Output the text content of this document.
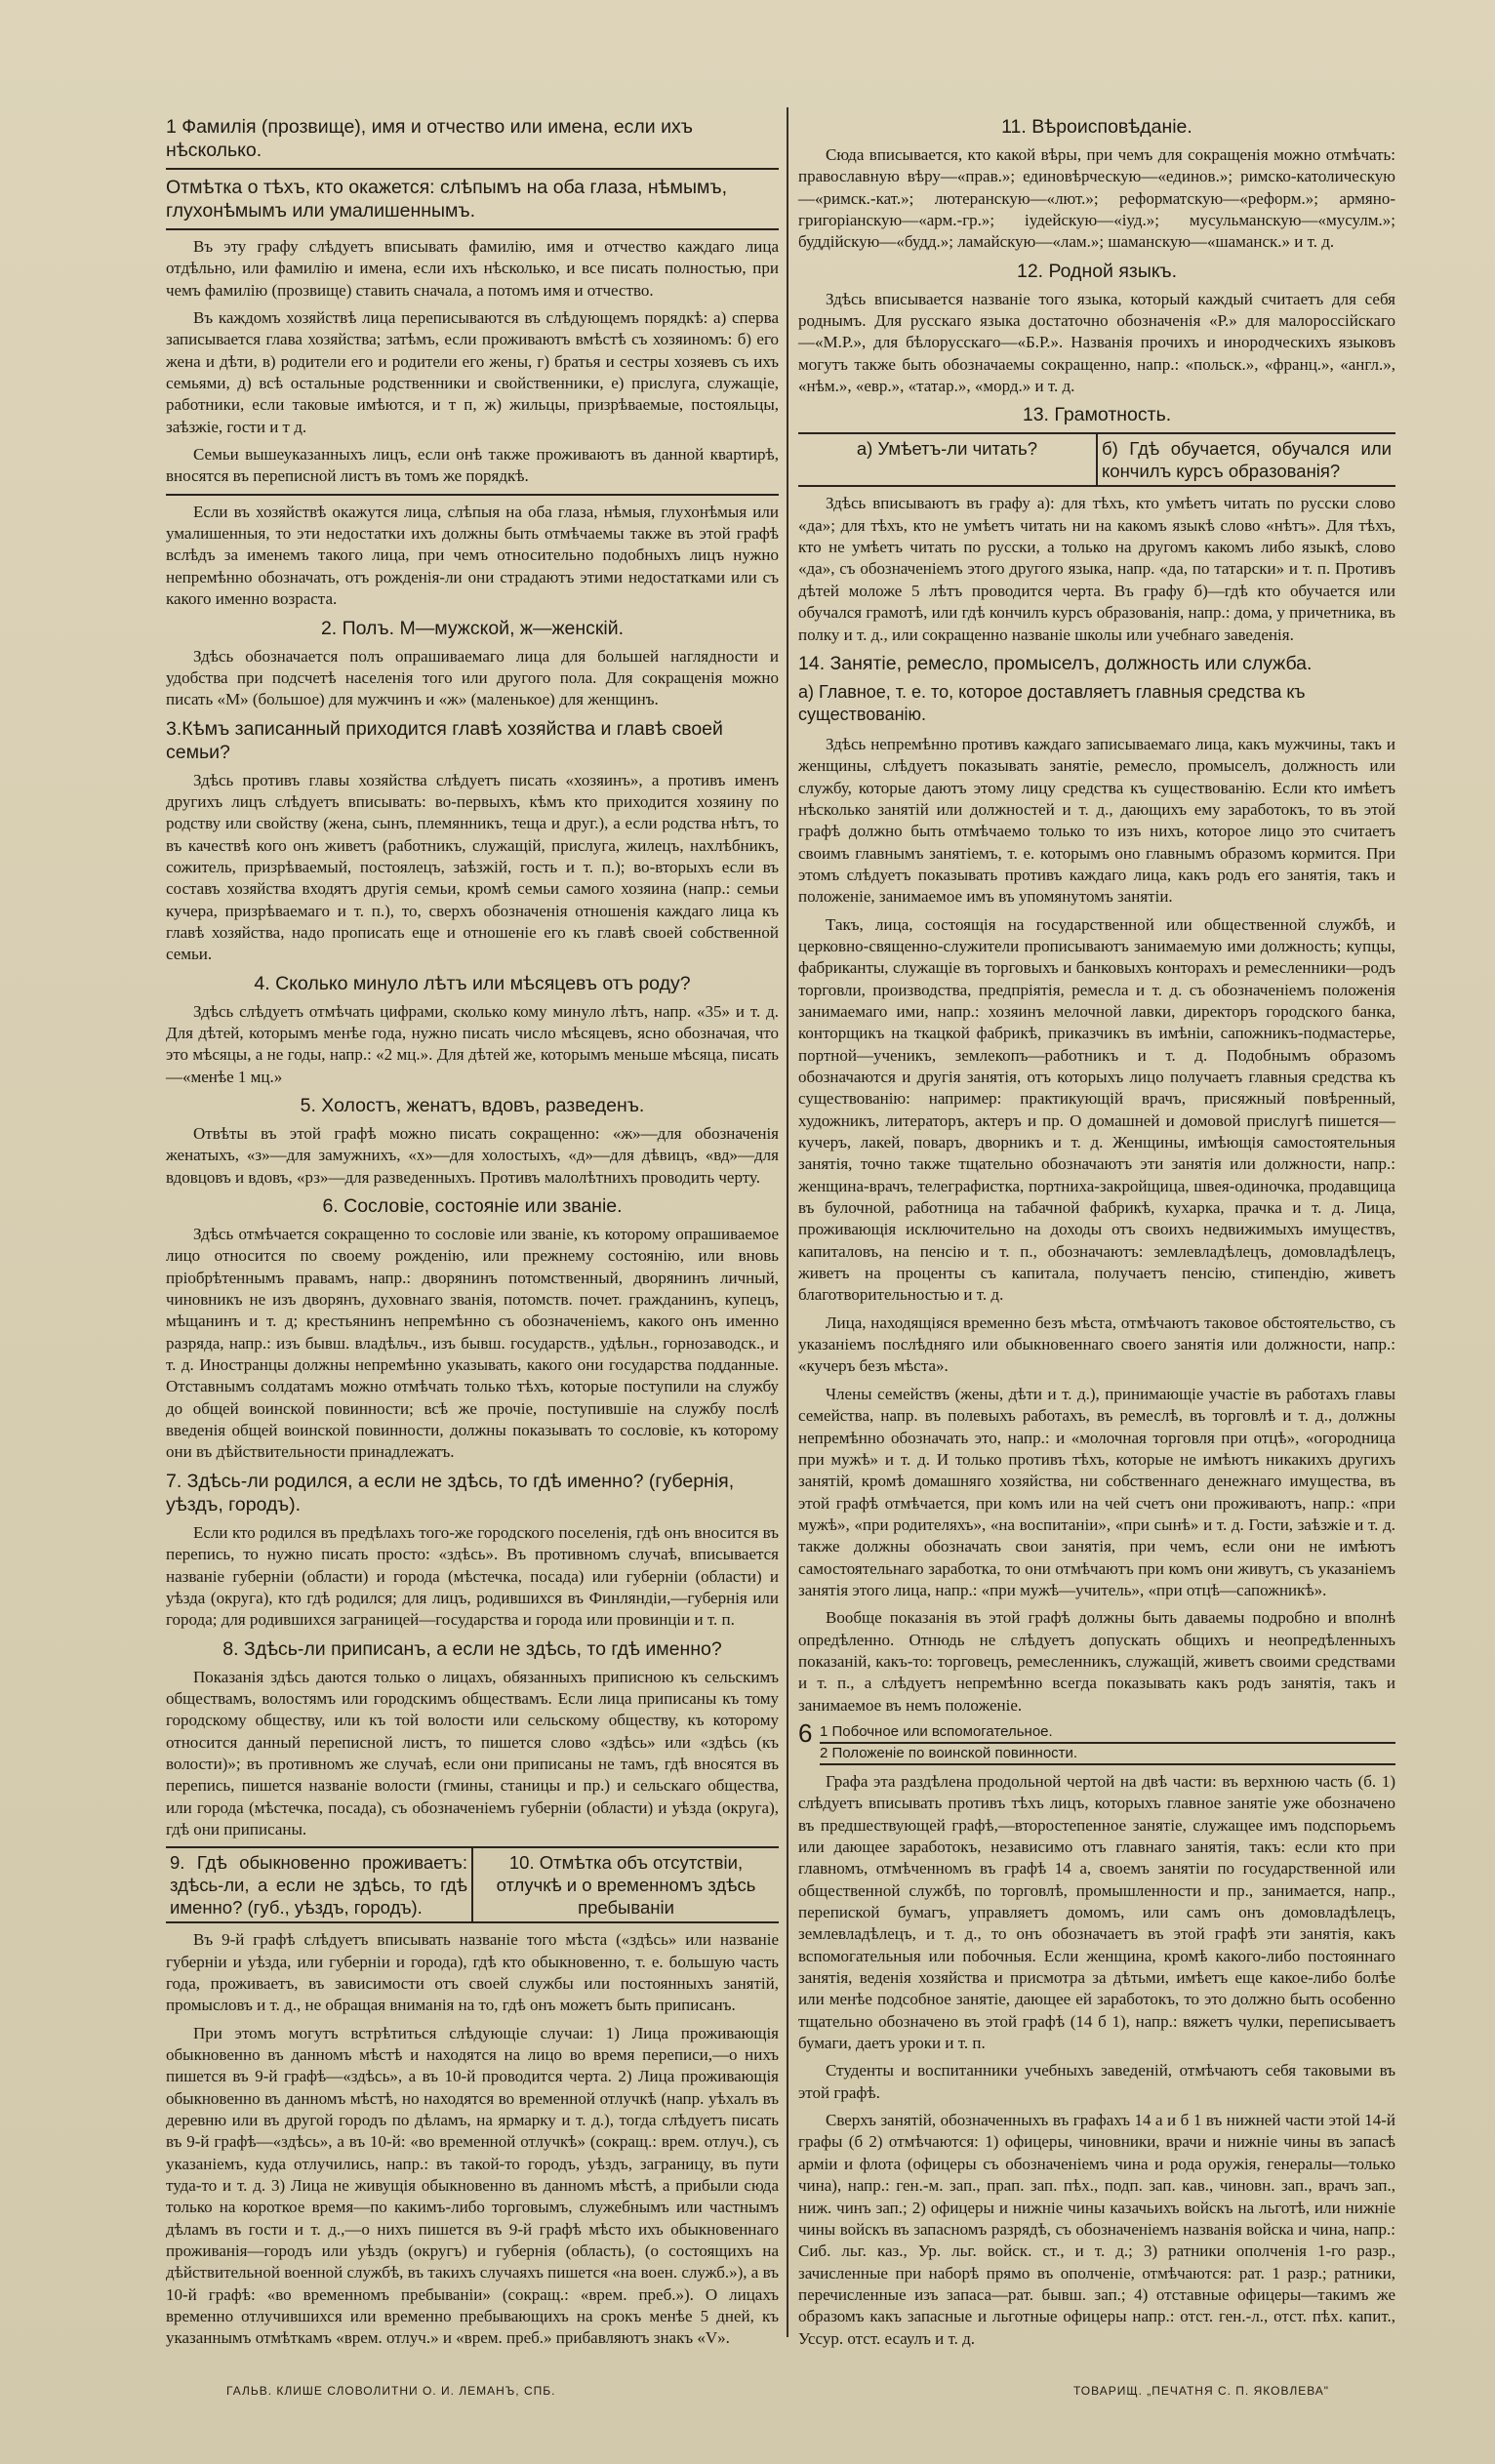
1 Фамилія (прозвище), имя и отчество или имена, если ихъ нѣсколько.
Отмѣтка о тѣхъ, кто окажется: слѣпымъ на оба глаза, нѣмымъ, глухонѣмымъ или умалишеннымъ.

Въ эту графу слѣдуетъ вписывать фамилію, имя и отчество каждаго лица отдѣльно, или фамилію и имена, если ихъ нѣсколько, и все писать полностью, при чемъ фамилію (прозвище) ставить сначала, а потомъ имя и отчество.

Въ каждомъ хозяйствѣ лица переписываются въ слѣдующемъ порядкѣ: а) сперва записывается глава хозяйства; затѣмъ, если проживаютъ вмѣстѣ съ хозяиномъ: б) его жена и дѣти, в) родители его и родители его жены, г) братья и сестры хозяевъ съ ихъ семьями, д) всѣ остальные родственники и свойственники, е) прислуга, служащіе, работники, если таковые имѣются, и т п, ж) жильцы, призрѣваемые, постояльцы, заѣзжіе, гости и т д.

Семьи вышеуказанныхъ лицъ, если онѣ также проживаютъ въ данной квартирѣ, вносятся въ переписной листъ въ томъ же порядкѣ.

Если въ хозяйствѣ окажутся лица, слѣпыя на оба глаза, нѣмыя, глухонѣмыя или умалишенныя, то эти недостатки ихъ должны быть отмѣчаемы также въ этой графѣ вслѣдъ за именемъ такого лица, при чемъ относительно подобныхъ лицъ нужно непремѣнно обозначать, отъ рожденія-ли они страдаютъ этими недостатками или съ какого именно возраста.

2. Полъ. М—мужской, ж—женскій.

Здѣсь обозначается полъ опрашиваемаго лица для большей наглядности и удобства при подсчетѣ населенія того или другого пола. Для сокращенія можно писать «М» (большое) для мужчинъ и «ж» (маленькое) для женщинъ.

3.Кѣмъ записанный приходится главѣ хозяйства и главѣ своей семьи?

Здѣсь противъ главы хозяйства слѣдуетъ писать «хозяинъ», а противъ именъ другихъ лицъ слѣдуетъ вписывать: во-первыхъ, кѣмъ кто приходится хозяину по родству или свойству (жена, сынъ, племянникъ, теща и друг.), а если родства нѣтъ, то въ качествѣ кого онъ живетъ (работникъ, служащій, прислуга, жилецъ, нахлѣбникъ, сожитель, призрѣваемый, постоялецъ, заѣзжій, гость и т. п.); во-вторыхъ если въ составъ хозяйства входятъ другія семьи, кромѣ семьи самого хозяина (напр.: семьи кучера, призрѣваемаго и т. п.), то, сверхъ обозначенія отношенія каждаго лица къ главѣ хозяйства, надо прописать еще и отношеніе его къ главѣ своей собственной семьи.

4. Сколько минуло лѣтъ или мѣсяцевъ отъ роду?

Здѣсь слѣдуетъ отмѣчать цифрами, сколько кому минуло лѣтъ, напр. «35» и т. д. Для дѣтей, которымъ менѣе года, нужно писать число мѣсяцевъ, ясно обозначая, что это мѣсяцы, а не годы, напр.: «2 мц.». Для дѣтей же, которымъ меньше мѣсяца, писать—«менѣе 1 мц.»

5. Холостъ, женатъ, вдовъ, разведенъ.

Отвѣты въ этой графѣ можно писать сокращенно: «ж»—для обозначенія женатыхъ, «з»—для замужнихъ, «х»—для холостыхъ, «д»—для дѣвицъ, «вд»—для вдовцовъ и вдовъ, «рз»—для разведенныхъ. Противъ малолѣтнихъ проводить черту.

6. Сословіе, состояніе или званіе.

Здѣсь отмѣчается сокращенно то сословіе или званіе, къ которому опрашиваемое лицо относится по своему рожденію, или прежнему состоянію, или вновь пріобрѣтеннымъ правамъ, напр.: дворянинъ потомственный, дворянинъ личный, чиновникъ не изъ дворянъ, духовнаго званія, потомств. почет. гражданинъ, купецъ, мѣщанинъ и т. д; крестьянинъ непремѣнно съ обозначеніемъ, какого онъ именно разряда, напр.: изъ бывш. владѣльч., изъ бывш. государств., удѣльн., горнозаводск., и т. д. Иностранцы должны непремѣнно указывать, какого они государства подданные. Отставнымъ солдатамъ можно отмѣчать только тѣхъ, которые поступили на службу до общей воинской повинности; всѣ же прочіе, поступившіе на службу послѣ введенія общей воинской повинности, должны показывать то сословіе, къ которому они въ дѣйствительности принадлежатъ.

7. Здѣсь-ли родился, а если не здѣсь, то гдѣ именно? (губернія, уѣздъ, городъ).

Если кто родился въ предѣлахъ того-же городского поселенія, гдѣ онъ вносится въ перепись, то нужно писать просто: «здѣсь». Въ противномъ случаѣ, вписывается названіе губерніи (области) и города (мѣстечка, посада) или губерніи (области) и уѣзда (округа), кто гдѣ родился; для лицъ, родившихся въ Финляндіи,—губернія или города; для родившихся заграницей—государства и города или провинціи и т. п.

8. Здѣсь-ли приписанъ, а если не здѣсь, то гдѣ именно?

Показанія здѣсь даются только о лицахъ, обязанныхъ приписною къ сельскимъ обществамъ, волостямъ или городскимъ обществамъ. Если лица приписаны къ тому городскому обществу, или къ той волости или сельскому обществу, къ которому относится данный переписной листъ, то пишется слово «здѣсь» или «здѣсь (къ волости)»; въ противномъ же случаѣ, если они приписаны не тамъ, гдѣ вносятся въ перепись, пишется названіе волости (гмины, станицы и пр.) и сельскаго общества, или города (мѣстечка, посада), съ обозначеніемъ губерніи (области) и уѣзда (округа), гдѣ они приписаны.

9. Гдѣ обыкновенно проживаетъ: здѣсь-ли, а если не здѣсь, то гдѣ именно? (губ., уѣздъ, городъ).
10. Отмѣтка объ отсутствіи, отлучкѣ и о временномъ здѣсь пребываніи

Въ 9-й графѣ слѣдуетъ вписывать названіе того мѣста («здѣсь» или названіе губерніи и уѣзда, или губерніи и города), гдѣ кто обыкновенно, т. е. большую часть года, проживаетъ, въ зависимости отъ своей службы или постоянныхъ занятій, промысловъ и т. д., не обращая вниманія на то, гдѣ онъ можетъ быть приписанъ.

При этомъ могутъ встрѣтиться слѣдующіе случаи: 1) Лица проживающія обыкновенно въ данномъ мѣстѣ и находятся на лицо во время переписи,—о нихъ пишется въ 9-й графѣ—«здѣсь», а въ 10-й проводится черта. 2) Лица проживающія обыкновенно въ данномъ мѣстѣ, но находятся во временной отлучкѣ (напр. уѣхалъ въ деревню или въ другой городъ по дѣламъ, на ярмарку и т. д.), тогда слѣдуетъ писать въ 9-й графѣ—«здѣсь», а въ 10-й: «во временной отлучкѣ» (сокращ.: врем. отлуч.), съ указаніемъ, куда отлучились, напр.: въ такой-то городъ, уѣздъ, заграницу, въ пути туда-то и т. д. 3) Лица не живущія обыкновенно въ данномъ мѣстѣ, а прибыли сюда только на короткое время—по какимъ-либо торговымъ, служебнымъ или частнымъ дѣламъ въ гости и т. д.,—о нихъ пишется въ 9-й графѣ мѣсто ихъ обыкновеннаго проживанія—городъ или уѣздъ (округъ) и губернія (область), (о состоящихъ на дѣйствительной военной службѣ, въ такихъ случаяхъ пишется «на воен. служб.»), а въ 10-й графѣ: «во временномъ пребываніи» (сокращ.: «врем. преб.»). О лицахъ временно отлучившихся или временно пребывающихъ на срокъ менѣе 5 дней, къ указаннымъ отмѣткамъ «врем. отлуч.» и «врем. преб.» прибавляютъ знакъ «V».

11. Вѣроисповѣданіе.

Сюда вписывается, кто какой вѣры, при чемъ для сокращенія можно отмѣчать: православную вѣру—«прав.»; единовѣрческую—«единов.»; римско-католическую—«римск.-кат.»; лютеранскую—«лют.»; реформатскую—«реформ.»; армяно-григоріанскую—«арм.-гр.»; іудейскую—«іуд.»; мусульманскую—«мусулм.»; буддійскую—«будд.»; ламайскую—«лам.»; шаманскую—«шаманск.» и т. д.

12. Родной языкъ.

Здѣсь вписывается названіе того языка, который каждый считаетъ для себя роднымъ. Для русскаго языка достаточно обозначенія «Р.» для малороссійскаго—«М.Р.», для бѣлорусскаго—«Б.Р.». Названія прочихъ и инородческихъ языковъ могутъ также быть обозначаемы сокращенно, напр.: «польск.», «франц.», «англ.», «нѣм.», «евр.», «татар.», «морд.» и т. д.

13. Грамотность.
а) Умѣетъ-ли читать?	б) Гдѣ обучается, обучался или кончилъ курсъ образованія?

Здѣсь вписываютъ въ графу а): для тѣхъ, кто умѣетъ читать по русски слово «да»; для тѣхъ, кто не умѣетъ читать ни на какомъ языкѣ слово «нѣтъ». Для тѣхъ, кто не умѣетъ читать по русски, а только на другомъ какомъ либо языкѣ, слово «да», съ обозначеніемъ этого другого языка, напр. «да, по татарски» и т. п. Противъ дѣтей моложе 5 лѣтъ проводится черта. Въ графу б)—гдѣ кто обучается или обучался грамотѣ, или гдѣ кончилъ курсъ образованія, напр.: дома, у причетника, въ полку и т. д., или сокращенно названіе школы или учебнаго заведенія.

14. Занятіе, ремесло, промыселъ, должность или служба.
а) Главное, т. е. то, которое доставляетъ главныя средства къ существованію.

Здѣсь непремѣнно противъ каждаго записываемаго лица, какъ мужчины, такъ и женщины, слѣдуетъ показывать занятіе, ремесло, промыселъ, должность или службу, которые даютъ этому лицу средства къ существованію. Если кто имѣетъ нѣсколько занятій или должностей и т. д., дающихъ ему заработокъ, то въ этой графѣ должно быть отмѣчаемо только то изъ нихъ, которое лицо это считаетъ своимъ главнымъ занятіемъ, т. е. которымъ оно главнымъ образомъ кормится. При этомъ слѣдуетъ показывать противъ каждаго лица, какъ родъ его занятія, такъ и положеніе, занимаемое имъ въ упомянутомъ занятіи.

Такъ, лица, состоящія на государственной или общественной службѣ, и церковно-священно-служители прописываютъ занимаемую ими должность; купцы, фабриканты, служащіе въ торговыхъ и банковыхъ конторахъ и ремесленники—родъ торговли, производства, предпріятія, ремесла и т. д. съ обозначеніемъ положенія занимаемаго ими, напр.: хозяинъ мелочной лавки, директоръ городского банка, конторщикъ на ткацкой фабрикѣ, приказчикъ въ имѣніи, сапожникъ-подмастерье, портной—ученикъ, землекопъ—работникъ и т. д. Подобнымъ образомъ обозначаются и другія занятія, отъ которыхъ лицо получаетъ главныя средства къ существованію: например: практикующій врачъ, присяжный повѣренный, художникъ, литераторъ, актеръ и пр. О домашней и домовой прислугѣ пишется—кучеръ, лакей, поваръ, дворникъ и т. д. Женщины, имѣющія самостоятельныя занятія, точно также тщательно обозначаютъ эти занятія или должности, напр.: женщина-врачъ, телеграфистка, портниха-закройщица, швея-одиночка, продавщица въ булочной, работница на табачной фабрикѣ, кухарка, прачка и т. д. Лица, проживающія исключительно на доходы отъ своихъ недвижимыхъ имуществъ, капиталовъ, на пенсію и т. п., обозначаютъ: землевладѣлецъ, домовладѣлецъ, живетъ на проценты съ капитала, получаетъ пенсію, стипендію, живетъ благотворительностью и т. д.

Лица, находящіяся временно безъ мѣста, отмѣчаютъ таковое обстоятельство, съ указаніемъ послѣдняго или обыкновеннаго своего занятія или должности, напр.: «кучеръ безъ мѣста».

Члены семействъ (жены, дѣти и т. д.), принимающіе участіе въ работахъ главы семейства, напр. въ полевыхъ работахъ, въ ремеслѣ, въ торговлѣ и т. д., должны непремѣнно обозначать это, напр.: и «молочная торговля при отцѣ», «огородница при мужѣ» и т. д. И только противъ тѣхъ, которые не имѣютъ никакихъ другихъ занятій, кромѣ домашняго хозяйства, ни собственнаго денежнаго имущества, въ этой графѣ отмѣчается, при комъ или на чей счетъ они проживаютъ, напр.: «при мужѣ», «при родителяхъ», «на воспитаніи», «при сынѣ» и т. д. Гости, заѣзжіе и т. д. также должны обозначать свои занятія, при чемъ, если они не имѣютъ самостоятельнаго заработка, то они отмѣчаютъ при комъ они живутъ, съ указаніемъ занятія этого лица, напр.: «при мужѣ—учитель», «при отцѣ—сапожникѣ».

Вообще показанія въ этой графѣ должны быть даваемы подробно и вполнѣ опредѣленно. Отнюдь не слѣдуетъ допускать общихъ и неопредѣленныхъ показаній, какъ-то: торговецъ, ремесленникъ, служащій, живетъ своими средствами и т. п., а слѣдуетъ непремѣнно всегда показывать какъ родъ занятія, такъ и занимаемое въ немъ положеніе.

6 1 Побочное или вспомогательное.
2 Положеніе по воинской повинности.

Графа эта раздѣлена продольной чертой на двѣ части: въ верхнюю часть (б. 1) слѣдуетъ вписывать противъ тѣхъ лицъ, которыхъ главное занятіе уже обозначено въ предшествующей графѣ,—второстепенное занятіе, служащее имъ подспорьемъ или дающее заработокъ, независимо отъ главнаго занятія, такъ: если кто при главномъ, отмѣченномъ въ графѣ 14 а, своемъ занятіи по государственной или общественной службѣ, по торговлѣ, промышленности и пр., занимается, напр., перепиской бумагъ, управляетъ домомъ, или самъ онъ домовладѣлецъ, землевладѣлецъ, и т. д., то онъ обозначаетъ въ этой графѣ эти занятія, какъ вспомогательныя или побочныя. Если женщина, кромѣ какого-либо постояннаго занятія, веденія хозяйства и присмотра за дѣтьми, имѣетъ еще какое-либо болѣе или менѣе подсобное занятіе, дающее ей заработокъ, то это должно быть особенно тщательно обозначено въ этой графѣ (14 б 1), напр.: вяжетъ чулки, переписываетъ бумаги, даетъ уроки и т. п.

Студенты и воспитанники учебныхъ заведеній, отмѣчаютъ себя таковыми въ этой графѣ.

Сверхъ занятій, обозначенныхъ въ графахъ 14 а и б 1 въ нижней части этой 14-й графы (б 2) отмѣчаются: 1) офицеры, чиновники, врачи и нижніе чины въ запасѣ арміи и флота (офицеры съ обозначеніемъ чина и рода оружія, генералы—только чина), напр.: ген.-м. зап., прап. зап. пѣх., подп. зап. кав., чиновн. зап., врачъ зап., ниж. чинъ зап.; 2) офицеры и нижніе чины казачьихъ войскъ на льготѣ, или нижніе чины войскъ въ запасномъ разрядѣ, съ обозначеніемъ названія войска и чина, напр.: Сиб. льг. каз., Ур. льг. войск. ст., и т. д.; 3) ратники ополченія 1-го разр., зачисленные при наборѣ прямо въ ополченіе, отмѣчаются: рат. 1 разр.; ратники, перечисленные изъ запаса—рат. бывш. зап.; 4) отставные офицеры—такимъ же образомъ какъ запасные и льготные офицеры напр.: отст. ген.-л., отст. пѣх. капит., Уссур. отст. есаулъ и т. д.

ГАЛЬВ. КЛИШЕ СЛОВОЛИТНИ О. И. ЛЕМАНЪ, СПБ.	ТОВАРИЩ. „ПЕЧАТНЯ С. П. ЯКОВЛЕВА"
